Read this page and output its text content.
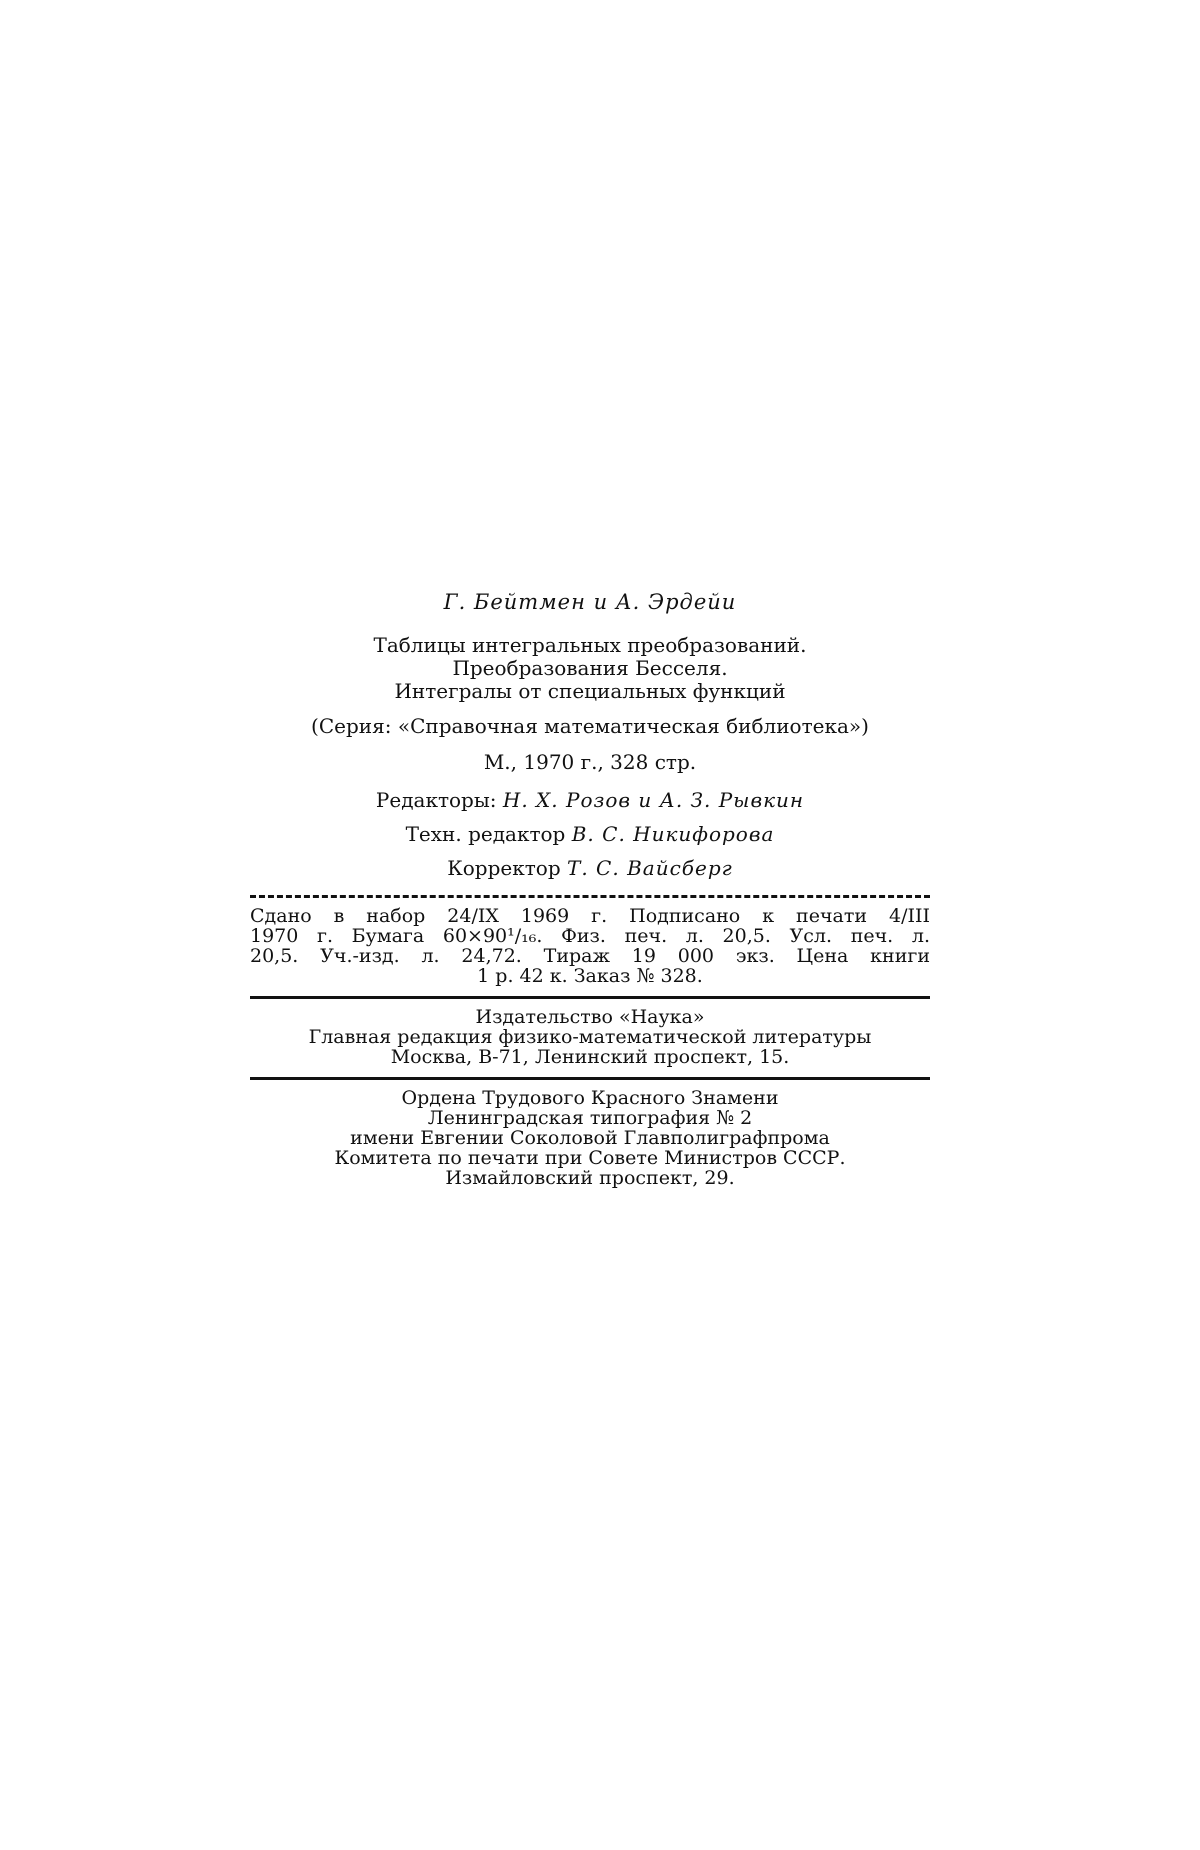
Г. Бейтмен и А. Эрдейи

Таблицы интегральных преобразований.

Преобразования Бесселя.

Интегралы от специальных функций

(Серия: «Справочная математическая библиотека»)

М., 1970 г., 328 стр.

Редакторы: Н. Х. Розов и А. З. Рывкин

Техн. редактор В. С. Никифорова

Корректор Т. С. Вайсберг

Сдано в набор 24/IX 1969 г. Подписано к печати 4/III

1970 г. Бумага 60×90¹/₁₆. Физ. печ. л. 20,5. Усл. печ. л.

20,5. Уч.-изд. л. 24,72. Тираж 19 000 экз. Цена книги

1 р. 42 к. Заказ № 328.

Издательство «Наука»

Главная редакция физико-математической литературы

Москва, В-71, Ленинский проспект, 15.

Ордена Трудового Красного Знамени

Ленинградская типография № 2

имени Евгении Соколовой Главполиграфпрома

Комитета по печати при Совете Министров СССР.

Измайловский проспект, 29.
